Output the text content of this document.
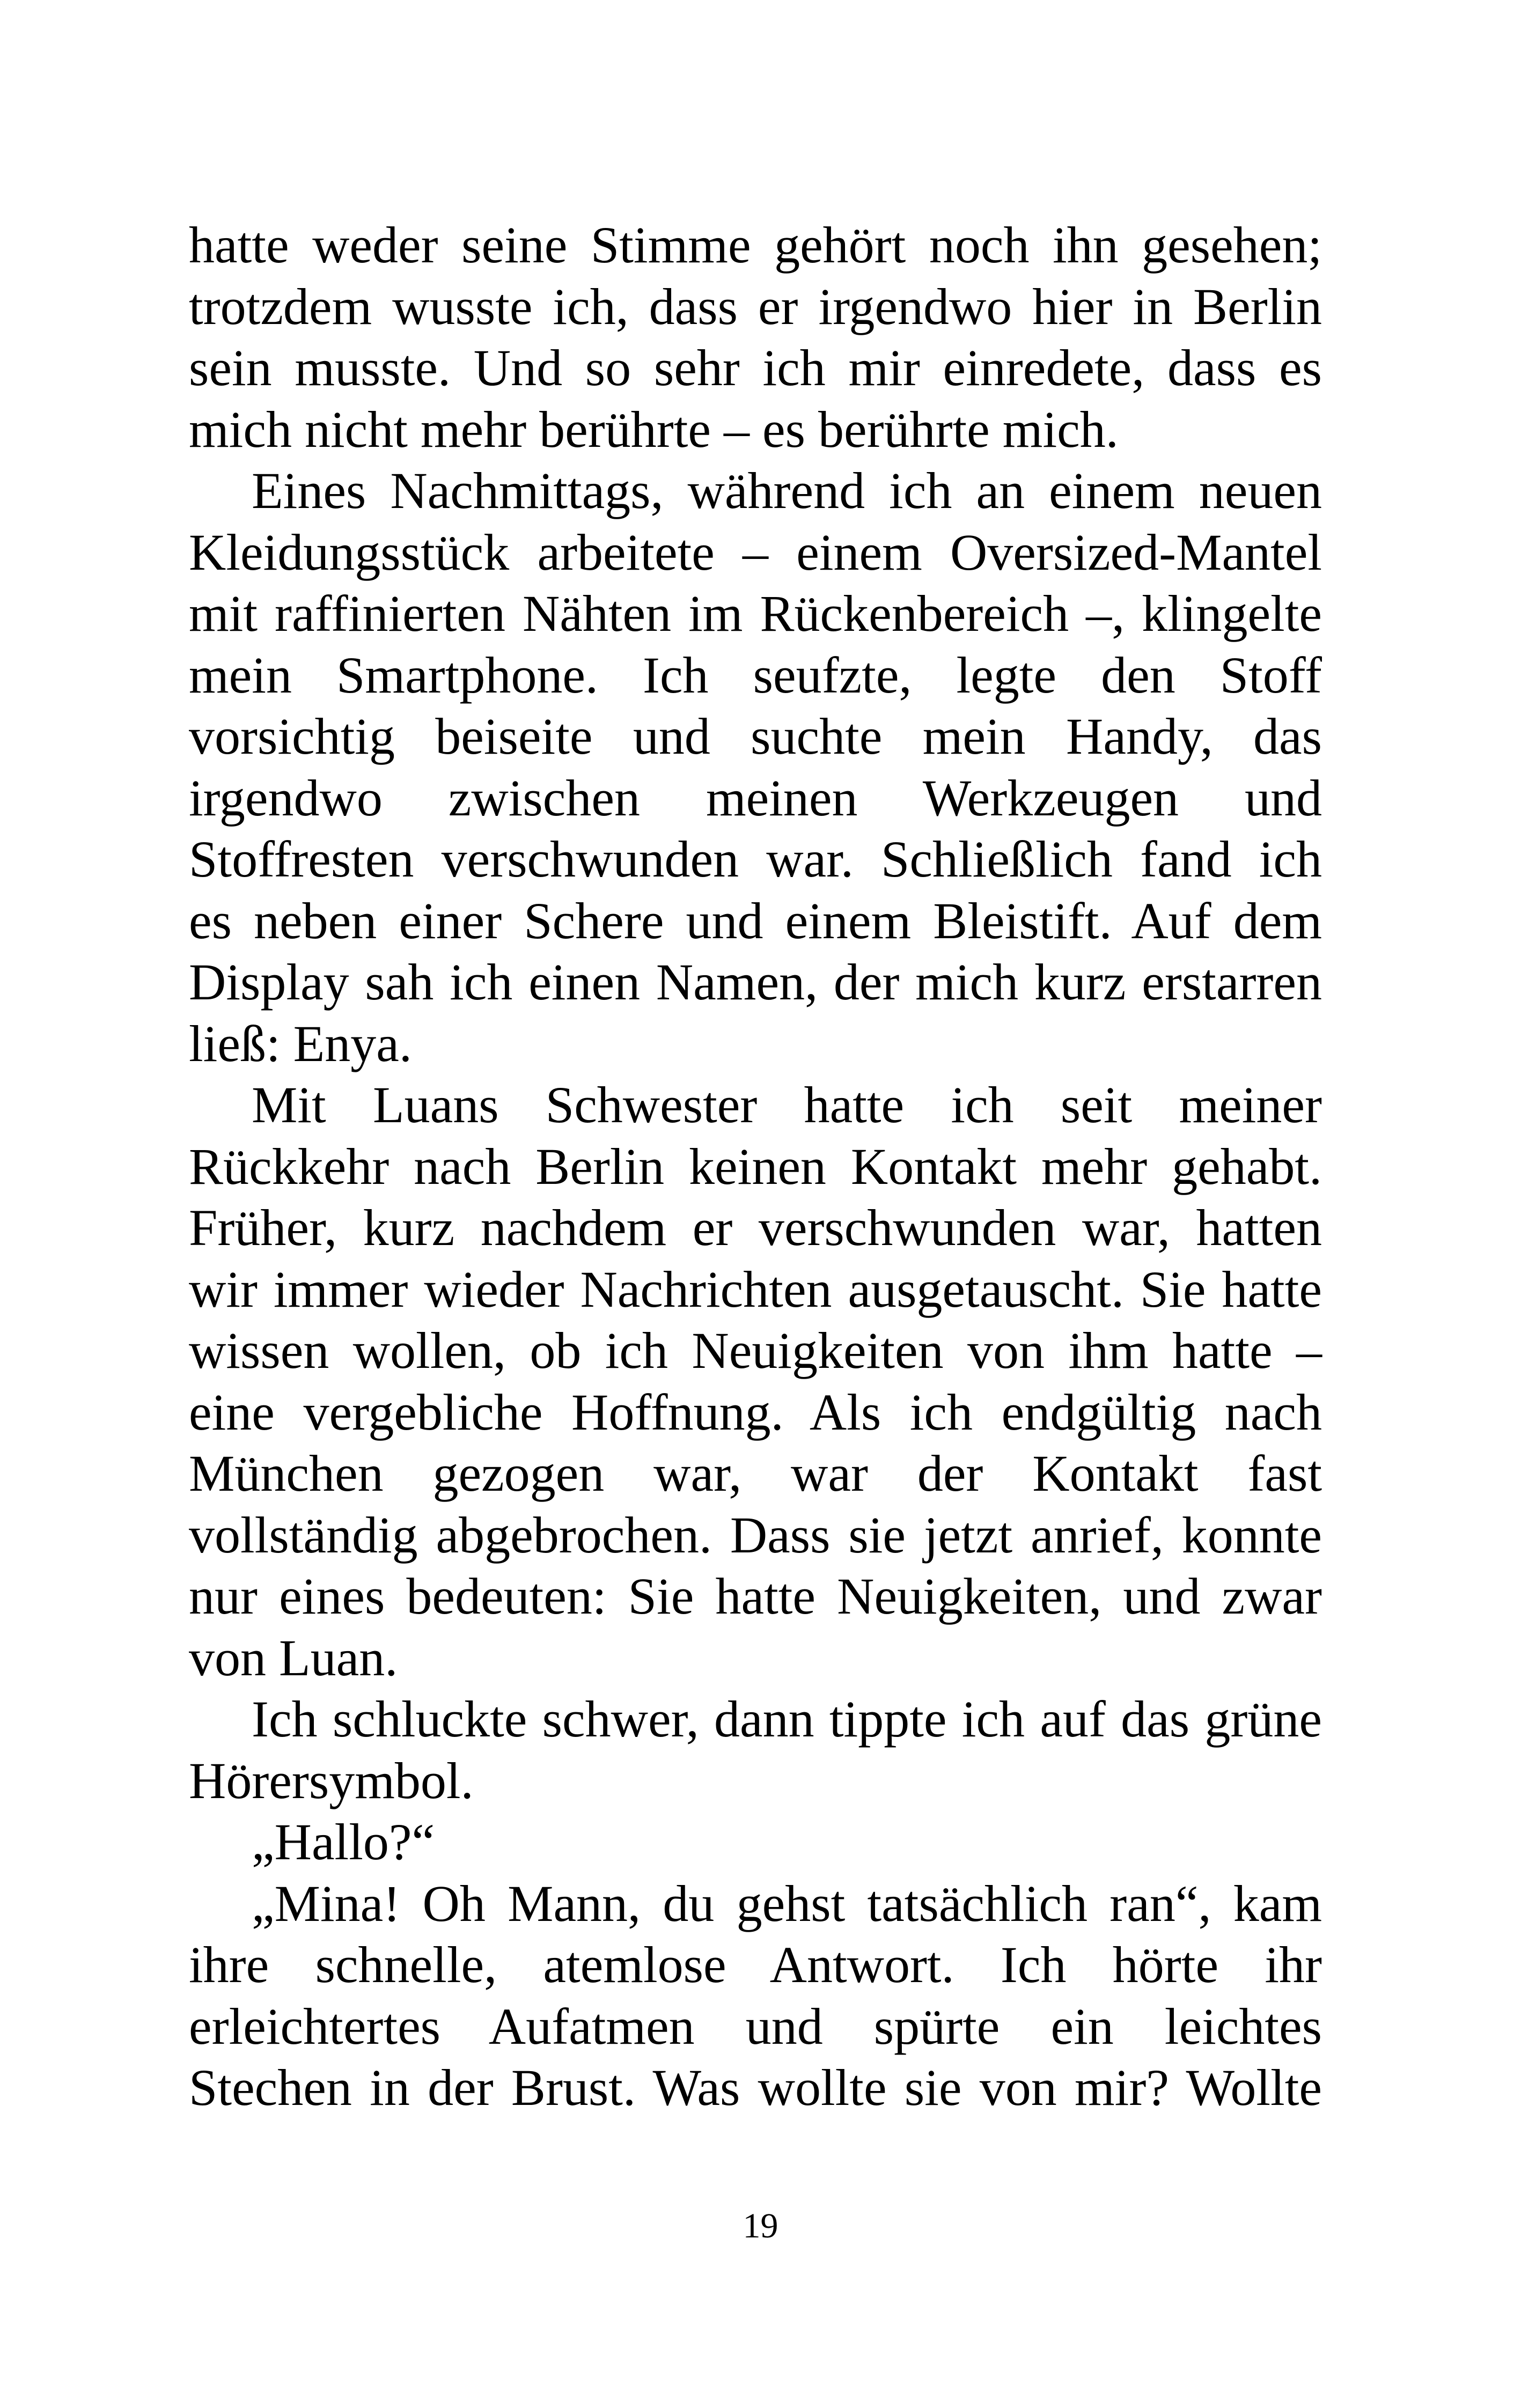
hatte weder seine Stimme gehört noch ihn gesehen;
trotzdem wusste ich, dass er irgendwo hier in Berlin
sein musste. Und so sehr ich mir einredete, dass es
mich nicht mehr berührte – es berührte mich.
Eines Nachmittags, während ich an einem neuen
Kleidungsstück arbeitete – einem Oversized-Mantel
mit raffinierten Nähten im Rückenbereich –, klingelte
mein Smartphone. Ich seufzte, legte den Stoff
vorsichtig beiseite und suchte mein Handy, das
irgendwo zwischen meinen Werkzeugen und
Stoffresten verschwunden war. Schließlich fand ich
es neben einer Schere und einem Bleistift. Auf dem
Display sah ich einen Namen, der mich kurz erstarren
ließ: Enya.
Mit Luans Schwester hatte ich seit meiner
Rückkehr nach Berlin keinen Kontakt mehr gehabt.
Früher, kurz nachdem er verschwunden war, hatten
wir immer wieder Nachrichten ausgetauscht. Sie hatte
wissen wollen, ob ich Neuigkeiten von ihm hatte –
eine vergebliche Hoffnung. Als ich endgültig nach
München gezogen war, war der Kontakt fast
vollständig abgebrochen. Dass sie jetzt anrief, konnte
nur eines bedeuten: Sie hatte Neuigkeiten, und zwar
von Luan.
Ich schluckte schwer, dann tippte ich auf das grüne
Hörersymbol.
„Hallo?“
„Mina! Oh Mann, du gehst tatsächlich ran“, kam
ihre schnelle, atemlose Antwort. Ich hörte ihr
erleichtertes Aufatmen und spürte ein leichtes
Stechen in der Brust. Was wollte sie von mir? Wollte
19
